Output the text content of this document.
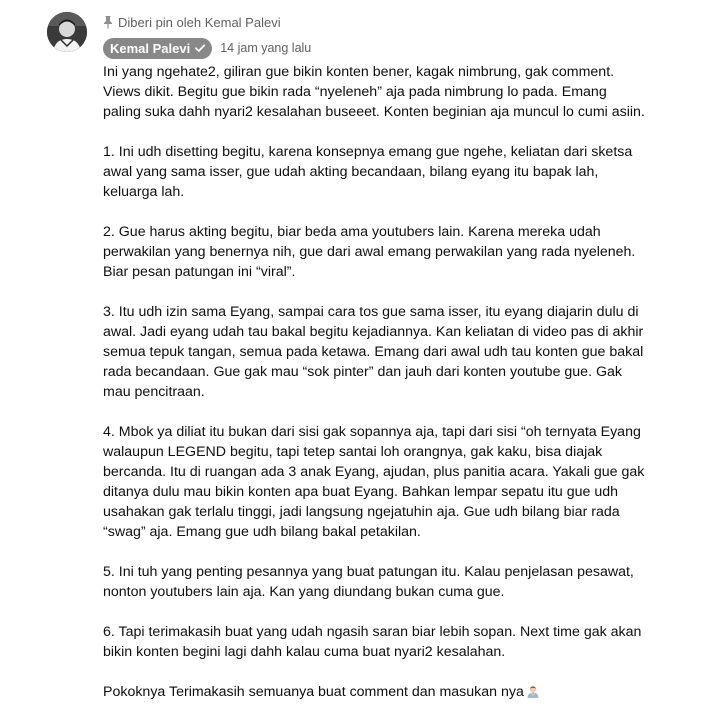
Diberi pin oleh Kemal Palevi
Kemal Palevi 14 jam yang lalu

Ini yang ngehate2, giliran gue bikin konten bener, kagak nimbrung, gak comment. Views dikit. Begitu gue bikin rada “nyeleneh” aja pada nimbrung lo pada. Emang paling suka dahh nyari2 kesalahan buseeet. Konten beginian aja muncul lo cumi asiin.

1. Ini udh disetting begitu, karena konsepnya emang gue ngehe, keliatan dari sketsa awal yang sama isser, gue udah akting becandaan, bilang eyang itu bapak lah, keluarga lah.

2. Gue harus akting begitu, biar beda ama youtubers lain. Karena mereka udah perwakilan yang benernya nih, gue dari awal emang perwakilan yang rada nyeleneh. Biar pesan patungan ini “viral”.

3. Itu udh izin sama Eyang, sampai cara tos gue sama isser, itu eyang diajarin dulu di awal. Jadi eyang udah tau bakal begitu kejadiannya. Kan keliatan di video pas di akhir semua tepuk tangan, semua pada ketawa. Emang dari awal udh tau konten gue bakal rada becandaan. Gue gak mau “sok pinter” dan jauh dari konten youtube gue. Gak mau pencitraan.

4. Mbok ya diliat itu bukan dari sisi gak sopannya aja, tapi dari sisi “oh ternyata Eyang walaupun LEGEND begitu, tapi tetep santai loh orangnya, gak kaku, bisa diajak bercanda. Itu di ruangan ada 3 anak Eyang, ajudan, plus panitia acara. Yakali gue gak ditanya dulu mau bikin konten apa buat Eyang. Bahkan lempar sepatu itu gue udh usahakan gak terlalu tinggi, jadi langsung ngejatuhin aja. Gue udh bilang biar rada “swag” aja. Emang gue udh bilang bakal petakilan.

5. Ini tuh yang penting pesannya yang buat patungan itu. Kalau penjelasan pesawat, nonton youtubers lain aja. Kan yang diundang bukan cuma gue.

6. Tapi terimakasih buat yang udah ngasih saran biar lebih sopan. Next time gak akan bikin konten begini lagi dahh kalau cuma buat nyari2 kesalahan.

Pokoknya Terimakasih semuanya buat comment dan masukan nya
